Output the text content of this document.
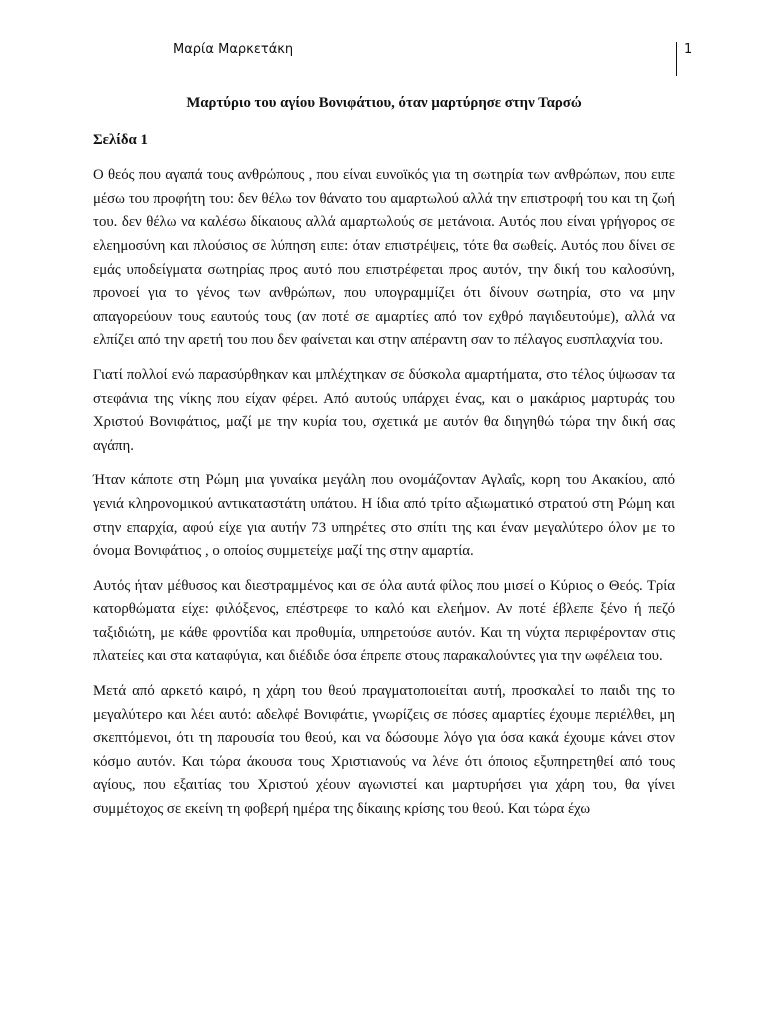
Μαρία Μαρκετάκη	1
Μαρτύριο του αγίου Βονιφάτιου, όταν μαρτύρησε στην Ταρσώ
Σελίδα 1

Ο θεός που αγαπά τους ανθρώπους , που είναι ευνοϊκός για τη σωτηρία των ανθρώπων, που ειπε μέσω του προφήτη του: δεν θέλω τον θάνατο του αμαρτωλού αλλά την επιστροφή του και τη ζωή του. δεν θέλω να καλέσω δίκαιους αλλά αμαρτωλούς σε μετάνοια. Αυτός που είναι γρήγορος σε ελεημοσύνη και πλούσιος σε λύπηση ειπε: όταν επιστρέψεις, τότε θα σωθείς. Αυτός που δίνει σε εμάς υποδείγματα σωτηρίας προς αυτό που επιστρέφεται προς αυτόν, την δική του καλοσύνη, προνοεί για το γένος των ανθρώπων, που υπογραμμίζει ότι δίνουν σωτηρία, στο να μην απαγορεύουν τους εαυτούς τους (αν ποτέ σε αμαρτίες από τον εχθρό παγιδευτούμε), αλλά να ελπίζει από την αρετή του που δεν φαίνεται και στην απέραντη σαν το πέλαγος ευσπλαχνία του.

Γιατί πολλοί ενώ παρασύρθηκαν και μπλέχτηκαν σε δύσκολα αμαρτήματα, στο τέλος ύψωσαν τα στεφάνια της νίκης που είχαν φέρει. Από αυτούς υπάρχει ένας, και ο μακάριος μαρτυράς του Χριστού Βονιφάτιος, μαζί με την κυρία του, σχετικά με αυτόν θα διηγηθώ τώρα την δική σας αγάπη.

Ήταν κάποτε στη Ρώμη μια γυναίκα μεγάλη που ονομάζονταν Αγλαΐς, κορη του Ακακίου, από γενιά κληρονομικού αντικαταστάτη υπάτου. Η ίδια από τρίτο αξιωματικό στρατού στη Ρώμη και στην επαρχία, αφού είχε για αυτήν 73 υπηρέτες στο σπίτι της και έναν μεγαλύτερο όλον με το όνομα Βονιφάτιος , ο οποίος συμμετείχε μαζί της στην αμαρτία.

Αυτός ήταν μέθυσος και διεστραμμένος και σε όλα αυτά φίλος που μισεί ο Κύριος ο Θεός. Τρία κατορθώματα είχε: φιλόξενος, επέστρεφε το καλό και ελεήμον. Αν ποτέ έβλεπε ξένο ή πεζό ταξιδιώτη, με κάθε φροντίδα και προθυμία, υπηρετούσε αυτόν. Και τη νύχτα περιφέρονταν στις πλατείες και στα καταφύγια, και διέδιδε όσα έπρεπε στους παρακαλούντες για την ωφέλεια του.

Μετά από αρκετό καιρό, η χάρη του θεού πραγματοποιείται αυτή, προσκαλεί το παιδι της το μεγαλύτερο και λέει αυτό: αδελφέ Βονιφάτιε, γνωρίζεις σε πόσες αμαρτίες έχουμε περιέλθει, μη σκεπτόμενοι, ότι τη παρουσία του θεού, και να δώσουμε λόγο για όσα κακά έχουμε κάνει στον κόσμο αυτόν. Και τώρα άκουσα τους Χριστιανούς να λένε ότι όποιος εξυπηρετηθεί από τους αγίους, που εξαιτίας του Χριστού χέουν αγωνιστεί και μαρτυρήσει για χάρη του, θα γίνει συμμέτοχος σε εκείνη τη φοβερή ημέρα της δίκαιης κρίσης του θεού. Και τώρα έχω
